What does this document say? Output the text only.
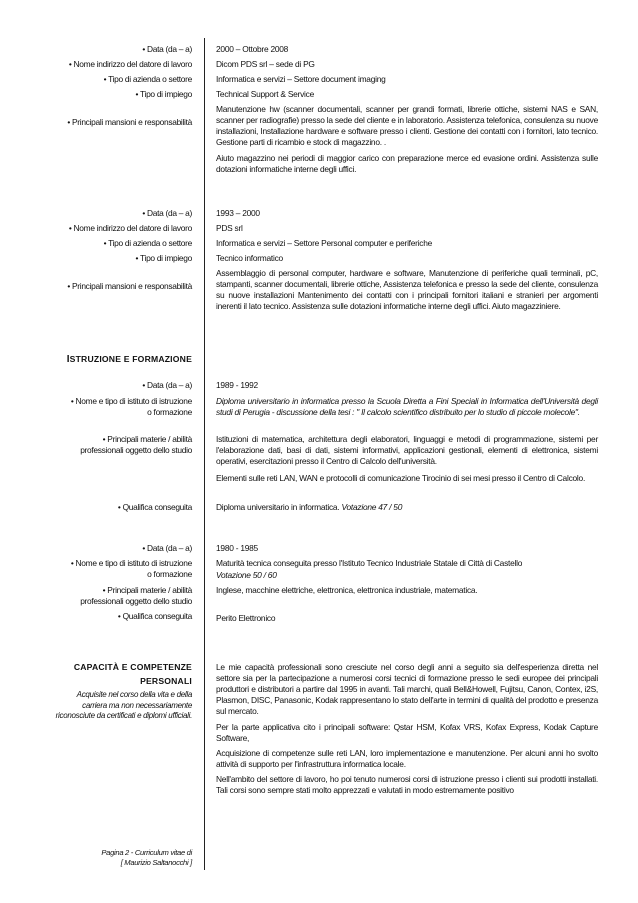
• Data (da – a)
• Nome indirizzo del datore di lavoro
• Tipo di azienda o settore
• Tipo di impiego
• Principali mansioni e responsabilità
2000 – Ottobre 2008
Dicom PDS srl – sede di PG
Informatica e servizi – Settore document imaging
Technical Support & Service
Manutenzione hw (scanner documentali, scanner per grandi formati, librerie ottiche, sistemi NAS e SAN, scanner per radiografie) presso la sede del cliente e in laboratorio. Assistenza telefonica, consulenza su nuove installazioni, Installazione hardware e software presso i clienti. Gestione dei contatti con i fornitori, lato tecnico. Gestione parti di ricambio e stock di magazzino. .
Aiuto magazzino nei periodi di maggior carico con preparazione merce ed evasione ordini. Assistenza sulle dotazioni informatiche interne degli uffici.
• Data (da – a)
• Nome indirizzo del datore di lavoro
• Tipo di azienda o settore
• Tipo di impiego
• Principali mansioni e responsabilità
1993 – 2000
PDS srl
Informatica e servizi – Settore Personal computer e periferiche
Tecnico informatico
Assemblaggio di personal computer, hardware e software, Manutenzione di periferiche quali terminali, pC, stampanti, scanner documentali, librerie ottiche, Assistenza telefonica e presso la sede del cliente, consulenza su nuove installazioni Mantenimento dei contatti con i principali fornitori italiani e stranieri per argomenti inerenti il lato tecnico. Assistenza sulle dotazioni informatiche interne degli uffici. Aiuto magazziniere.
ISTRUZIONE E FORMAZIONE
• Data (da – a)
• Nome e tipo di istituto di istruzione
o formazione
• Principali materie / abilità
professionali oggetto dello studio
• Qualifica conseguita
1989 - 1992
Diploma universitario in informatica presso la Scuola Diretta a Fini Speciali in Informatica dell'Università degli studi di Perugia - discussione della tesi : " Il calcolo scientifico distribuito per lo studio di piccole molecole".
Istituzioni di matematica, architettura degli elaboratori, linguaggi e metodi di programmazione, sistemi per l'elaborazione dati, basi di dati, sistemi informativi, applicazioni gestionali, elementi di elettronica, sistemi operativi, esercitazioni presso il Centro di Calcolo dell'università.
Elementi sulle reti LAN, WAN e protocolli di comunicazione Tirocinio di sei mesi presso il Centro di Calcolo.
Diploma universitario in informatica. Votazione 47 / 50
• Data (da – a)
• Nome e tipo di istituto di istruzione
o formazione
• Principali materie / abilità
professionali oggetto dello studio
• Qualifica conseguita
1980 - 1985
Maturità tecnica conseguita presso l'Istituto Tecnico Industriale Statale di Città di Castello
Votazione 50 / 60
Inglese, macchine elettriche, elettronica, elettronica industriale, matematica.
Perito Elettronico
CAPACITÀ E COMPETENZE
PERSONALI
Acquisite nel corso della vita e della carriera ma non necessariamente riconosciute da certificati e diplomi ufficiali.
Le mie capacità professionali sono cresciute nel corso degli anni a seguito sia dell'esperienza diretta nel settore sia per la partecipazione a numerosi corsi tecnici di formazione presso le sedi europee dei principali produttori e distributori a partire dal 1995 in avanti. Tali marchi, quali Bell&Howell, Fujitsu, Canon, Contex, i2S, Plasmon, DISC, Panasonic, Kodak rappresentano lo stato dell'arte in termini di qualità del prodotto e presenza sul mercato.
Per la parte applicativa cito i principali software: Qstar HSM, Kofax VRS, Kofax Express, Kodak Capture Software,
Acquisizione di competenze sulle reti LAN, loro implementazione e manutenzione. Per alcuni anni ho svolto attività di supporto per l'infrastruttura informatica locale.
Nell'ambito del settore di lavoro, ho poi tenuto numerosi corsi di istruzione presso i clienti sui prodotti installati. Tali corsi sono sempre stati molto apprezzati e valutati in modo estremamente positivo
Pagina 2 - Curriculum vitae di
[ Maurizio Saltanocchi ]
